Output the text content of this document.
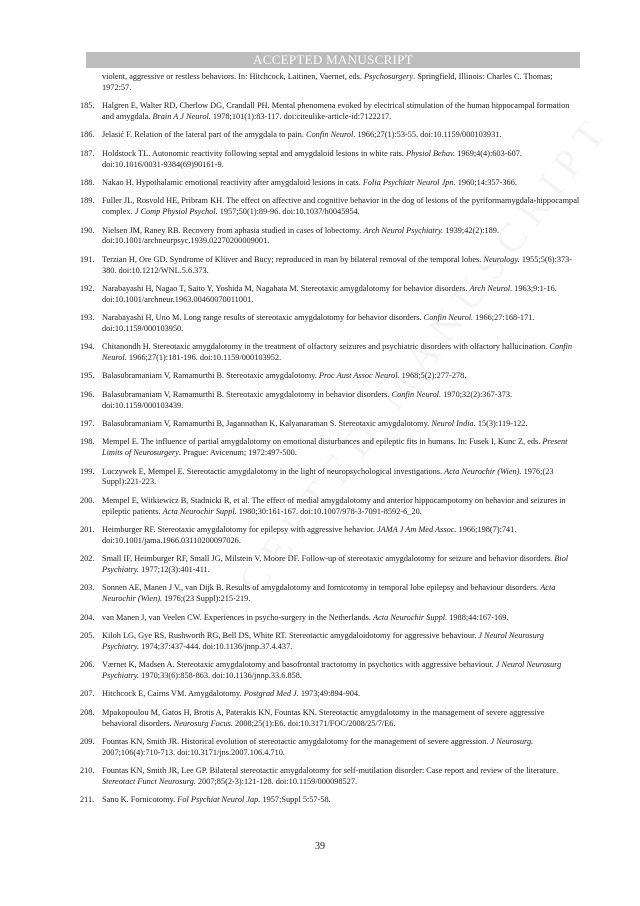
ACCEPTED MANUSCRIPT
violent, aggressive or restless behaviors. In: Hitchcock, Laitinen, Vaernet, eds. Psychosurgery. Springfield, Illinois: Charles C. Thomas; 1972:57.
185. Halgren E, Walter RD, Cherlow DG, Crandall PH. Mental phenomena evoked by electrical stimulation of the human hippocampal formation and amygdala. Brain A J Neurol. 1978;101(1):83-117. doi:citeulike-article-id:7122217.
186. Jelasić F. Relation of the lateral part of the amygdala to pain. Confin Neurol. 1966;27(1):53-55. doi:10.1159/000103931.
187. Holdstock TL. Autonomic reactivity following septal and amygdaloid lesions in white rats. Physiol Behav. 1969;4(4):603-607. doi:10.1016/0031-9384(69)90161-9.
188. Nakao H. Hypothalamic emotional reactivity after amygdaloid lesions in cats. Folia Psychiatr Neurol Jpn. 1960;14:357-366.
189. Fuller JL, Rosvold HE, Pribram KH. The effect on affective and cognitive behavior in the dog of lesions of the pyriformamygdala-hippocampal complex. J Comp Physiol Psychol. 1957;50(1):89-96. doi:10.1037/h0045954.
190. Nielsen JM, Raney RB. Recovery from aphasia studied in cases of lobectomy. Arch Neurol Psychiatry. 1939;42(2):189. doi:10.1001/archneurpsyc.1939.02270200009001.
191. Terzian H, Ore GD. Syndrome of Klüver and Bucy; reproduced in man by bilateral removal of the temporal lobes. Neurology. 1955;5(6):373-380. doi:10.1212/WNL.5.6.373.
192. Narabayashi H, Nagao T, Saito Y, Yoshida M, Nagahata M. Stereotaxic amygdalotomy for behavior disorders. Arch Neurol. 1963;9:1-16. doi:10.1001/archneur.1963.00460070011001.
193. Narabayashi H, Uno M. Long range results of stereotaxic amygdalotomy for behavior disorders. Confin Neurol. 1966;27:168-171. doi:10.1159/000103950.
194. Chitanondh H. Stereotaxic amygdalotomy in the treatment of olfactory seizures and psychiatric disorders with olfactory hallucination. Confin Neurol. 1966;27(1):181-196. doi:10.1159/000103952.
195. Balasubramaniam V, Ramamurthi B. Stereotaxic amygdalotomy. Proc Aust Assoc Neurol. 1968;5(2):277-278.
196. Balasubramaniam V, Ramamurthi B. Stereotaxic amygdalotomy in behavior disorders. Confin Neurol. 1970;32(2):367-373. doi:10.1159/000103439.
197. Balasubramaniam V, Ramamurthi B, Jagannathan K, Kalyanaraman S. Stereotaxic amygdalotomy. Neurol India. 15(3):119-122.
198. Mempel E. The influence of partial amygdalotomy on emotional disturbances and epileptic fits in humans. In: Fusek I, Kunc Z, eds. Present Limits of Neurosurgery. Prague: Avicenum; 1972:497-500.
199. Luczywek E, Mempel E. Stereotactic amygdalotomy in the light of neuropsychological investigations. Acta Neurochir (Wien). 1976;(23 Suppl):221-223.
200. Mempel E, Witkiewicz B, Stadnicki R, et al. The effect of medial amygdalotomy and anterior hippocampotomy on behavior and seizures in epileptic patients. Acta Neurochir Suppl. 1980;30:161-167. doi:10.1007/978-3-7091-8592-6_20.
201. Heimburger RF. Stereotaxic amygdalotomy for epilepsy with aggressive behavior. JAMA J Am Med Assoc. 1966;198(7):741. doi:10.1001/jama.1966.03110200097026.
202. Small IF, Heimburger RF, Small JG, Milstein V, Moore DF. Follow-up of stereotaxic amygdalotomy for seizure and behavior disorders. Biol Psychiatry. 1977;12(3):401-411.
203. Sonnen AE, Manen J V., van Dijk B. Results of amygdalotomy and fornicotomy in temporal lobe epilepsy and behaviour disorders. Acta Neurochir (Wien). 1976;(23 Suppl):215-219.
204. van Manen J, van Veelen CW. Experiences in psycho-surgery in the Netherlands. Acta Neurochir Suppl. 1988;44:167-169.
205. Kiloh LG, Gye RS, Rushworth RG, Bell DS, White RT. Stereotactic amygdaloidotomy for aggressive behaviour. J Neurol Neurosurg Psychiatry. 1974;37:437-444. doi:10.1136/jnnp.37.4.437.
206. Værnet K, Madsen A. Stereotaxic amygdalotomy and basofrontal tractotomy in psychotics with aggressive behaviour. J Neurol Neurosurg Psychiatry. 1970;33(6):858-863. doi:10.1136/jnnp.33.6.858.
207. Hitchcock E, Cairns VM. Amygdalotomy. Postgrad Med J. 1973;49:894-904.
208. Mpakopoulou M, Gatos H, Brotis A, Paterakis KN, Fountas KN. Stereotactic amygdalotomy in the management of severe aggressive behavioral disorders. Neurosurg Focus. 2008;25(1):E6. doi:10.3171/FOC/2008/25/7/E6.
209. Fountas KN, Smith JR. Historical evolution of stereotactic amygdalotomy for the management of severe aggression. J Neurosurg. 2007;106(4):710-713. doi:10.3171/jns.2007.106.4.710.
210. Fountas KN, Smith JR, Lee GP. Bilateral stereotactic amygdalotomy for self-mutilation disorder: Case report and review of the literature. Stereotact Funct Neurosurg. 2007;85(2-3):121-128. doi:10.1159/000098527.
211. Sano K. Fornicotomy. Fol Psychiat Neurol Jap. 1957;Suppl 5:57-58.
39
